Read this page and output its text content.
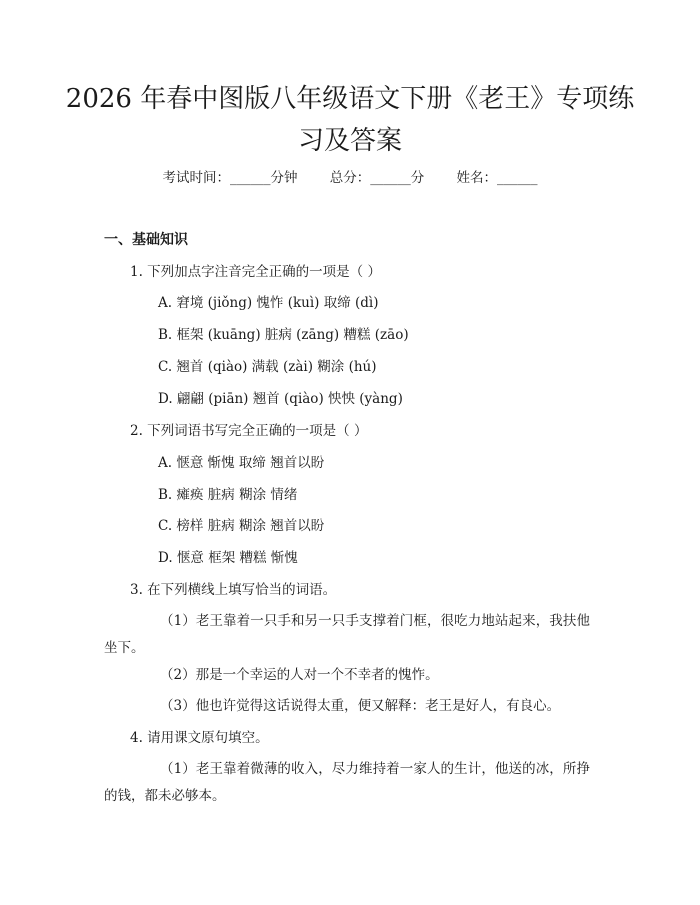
2026 年春中图版八年级语文下册《老王》专项练习及答案
考试时间：______分钟 总分：______分 姓名：______
一、基础知识
1. 下列加点字注音完全正确的一项是（ ）
A. 窘境 (jiǒng) 愧怍 (kuì) 取缔 (dì)
B. 框架 (kuāng) 脏病 (zāng) 糟糕 (zāo)
C. 翘首 (qiào) 满载 (zài) 糊涂 (hú)
D. 翩翩 (piān) 翘首 (qiào) 怏怏 (yàng)
2. 下列词语书写完全正确的一项是（ ）
A. 惬意 惭愧 取缔 翘首以盼
B. 瘫痪 脏病 糊涂 情绪
C. 榜样 脏病 糊涂 翘首以盼
D. 惬意 框架 糟糕 惭愧
3. 在下列横线上填写恰当的词语。
（1）老王靠着一只手和另一只手支撑着门框，很吃力地站起来，我扶他坐下。
（2）那是一个幸运的人对一个不幸者的愧怍。
（3）他也许觉得这话说得太重，便又解释：老王是好人，有良心。
4. 请用课文原句填空。
（1）老王靠着微薄的收入，尽力维持着一家人的生计，他送的冰，所挣的钱，都未必够本。
